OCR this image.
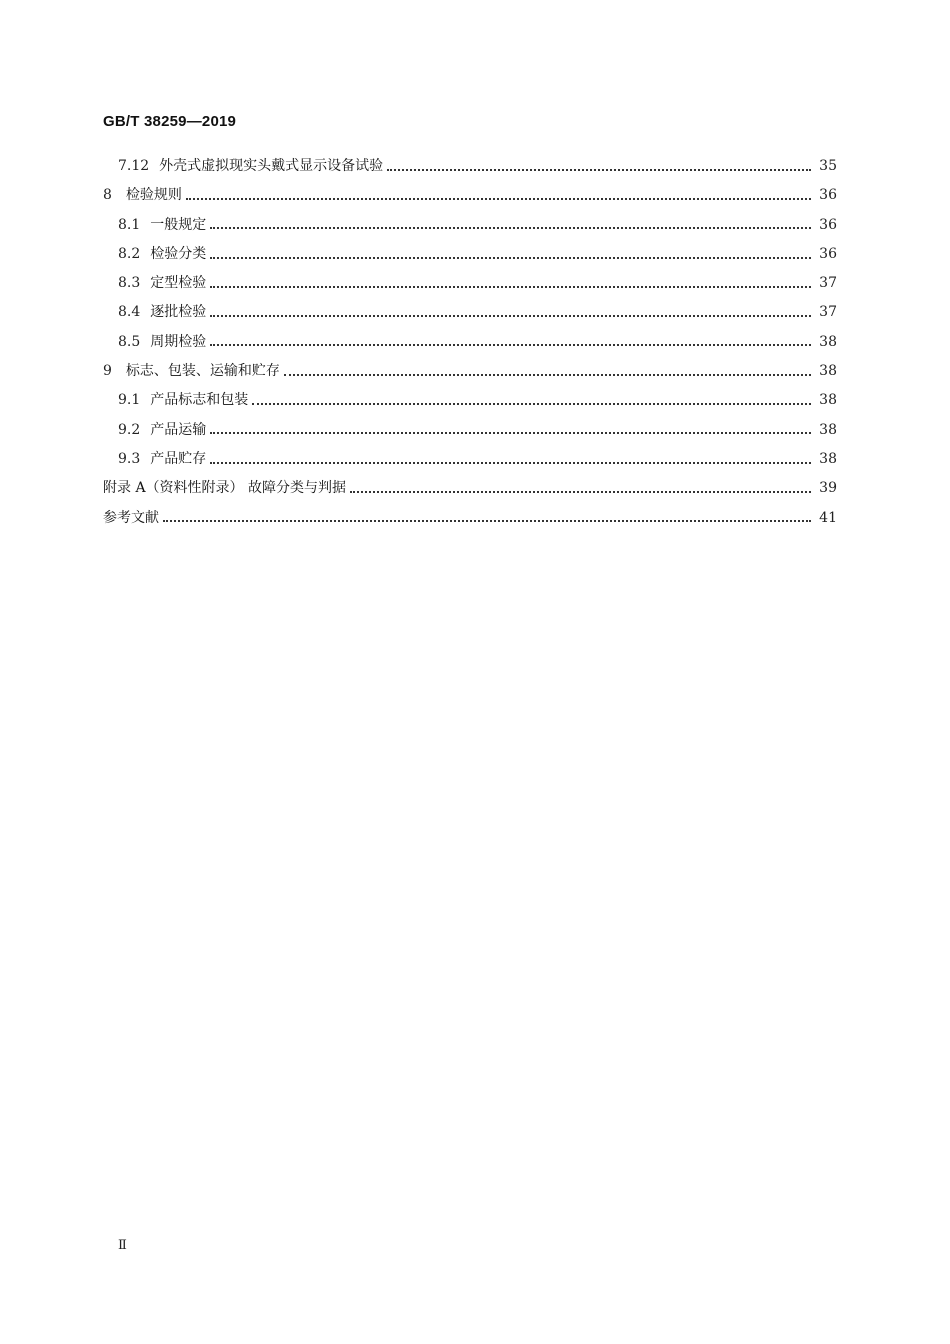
GB/T 38259—2019
7.12 外壳式虚拟现实头戴式显示设备试验	35
8	检验规则	36
8.1 一般规定	36
8.2 检验分类	36
8.3 定型检验	37
8.4 逐批检验	37
8.5 周期检验	38
9	标志、包装、运输和贮存	38
9.1 产品标志和包装	38
9.2 产品运输	38
9.3 产品贮存	38
附录 A（资料性附录） 故障分类与判据	39
参考文献	41
Ⅱ
